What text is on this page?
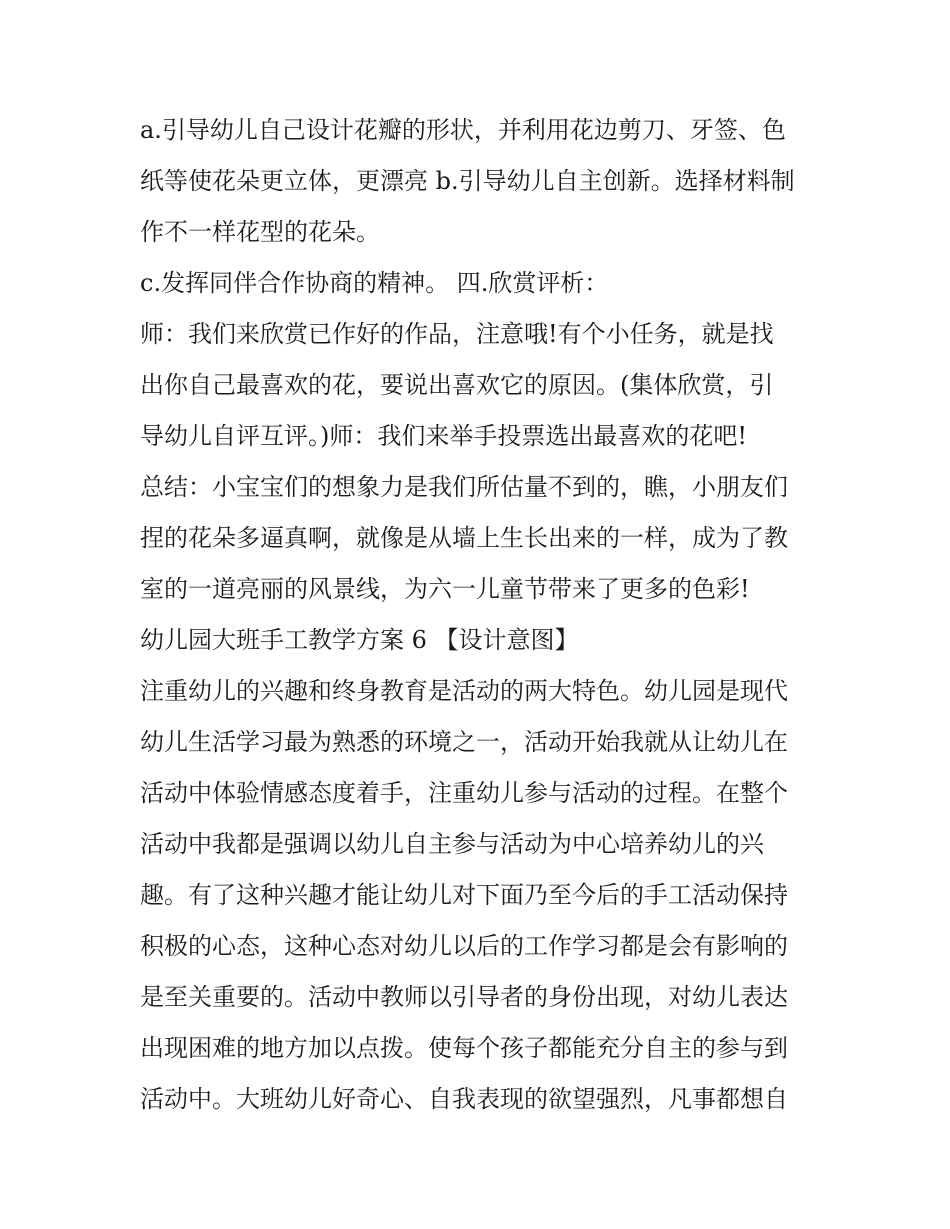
a.引导幼儿自己设计花瓣的形状，并利用花边剪刀、牙签、色
纸等使花朵更立体，更漂亮 b.引导幼儿自主创新。选择材料制
作不一样花型的花朵。
c.发挥同伴合作协商的精神。 四.欣赏评析：
师：我们来欣赏已作好的作品，注意哦!有个小任务，就是找
出你自己最喜欢的花，要说出喜欢它的原因。(集体欣赏，引
导幼儿自评互评。)师：我们来举手投票选出最喜欢的花吧!
总结：小宝宝们的想象力是我们所估量不到的，瞧，小朋友们
捏的花朵多逼真啊，就像是从墙上生长出来的一样，成为了教
室的一道亮丽的风景线，为六一儿童节带来了更多的色彩!
幼儿园大班手工教学方案 6 【设计意图】
注重幼儿的兴趣和终身教育是活动的两大特色。幼儿园是现代
幼儿生活学习最为熟悉的环境之一，活动开始我就从让幼儿在
活动中体验情感态度着手，注重幼儿参与活动的过程。在整个
活动中我都是强调以幼儿自主参与活动为中心培养幼儿的兴
趣。有了这种兴趣才能让幼儿对下面乃至今后的手工活动保持
积极的心态，这种心态对幼儿以后的工作学习都是会有影响的
是至关重要的。活动中教师以引导者的身份出现，对幼儿表达
出现困难的地方加以点拨。使每个孩子都能充分自主的参与到
活动中。大班幼儿好奇心、自我表现的欲望强烈，凡事都想自
